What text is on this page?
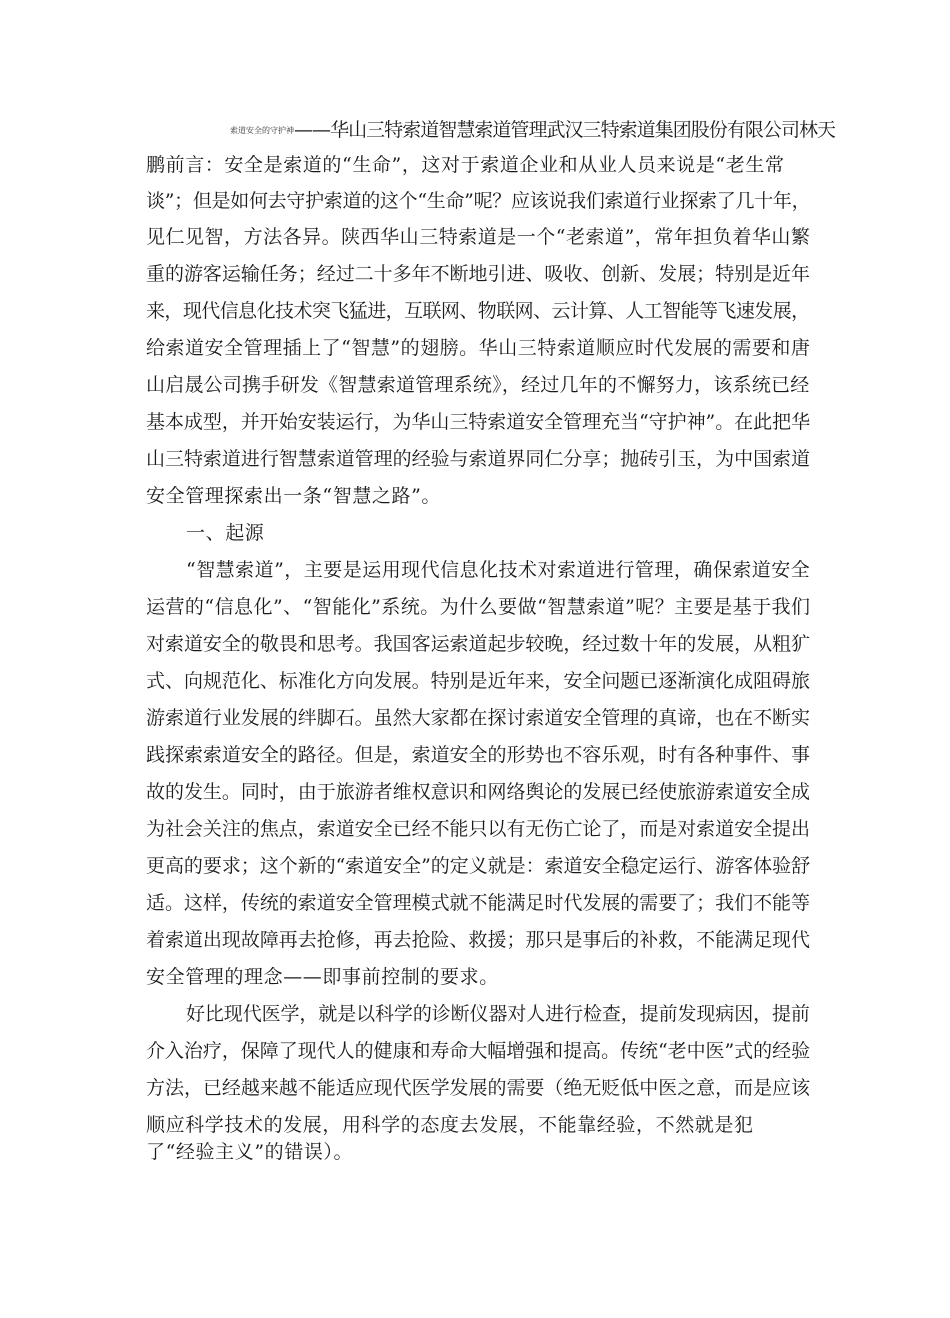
索道安全的守护神——华山三特索道智慧索道管理武汉三特索道集团股份有限公司林天
鹏前言：安全是索道的“生命”，这对于索道企业和从业人员来说是“老生常
谈”；但是如何去守护索道的这个“生命”呢？应该说我们索道行业探索了几十年，
见仁见智，方法各异。陕西华山三特索道是一个“老索道”，常年担负着华山繁
重的游客运输任务；经过二十多年不断地引进、吸收、创新、发展；特别是近年
来，现代信息化技术突飞猛进，互联网、物联网、云计算、人工智能等飞速发展，
给索道安全管理插上了“智慧”的翅膀。华山三特索道顺应时代发展的需要和唐
山启晟公司携手研发《智慧索道管理系统》，经过几年的不懈努力，该系统已经
基本成型，并开始安装运行，为华山三特索道安全管理充当“守护神”。在此把华
山三特索道进行智慧索道管理的经验与索道界同仁分享；抛砖引玉，为中国索道
安全管理探索出一条“智慧之路”。
一、起源
“智慧索道”，主要是运用现代信息化技术对索道进行管理，确保索道安全
运营的“信息化”、“智能化”系统。为什么要做“智慧索道”呢？主要是基于我们
对索道安全的敬畏和思考。我国客运索道起步较晚，经过数十年的发展，从粗犷
式、向规范化、标准化方向发展。特别是近年来，安全问题已逐渐演化成阻碍旅
游索道行业发展的绊脚石。虽然大家都在探讨索道安全管理的真谛，也在不断实
践探索索道安全的路径。但是，索道安全的形势也不容乐观，时有各种事件、事
故的发生。同时，由于旅游者维权意识和网络舆论的发展已经使旅游索道安全成
为社会关注的焦点，索道安全已经不能只以有无伤亡论了，而是对索道安全提出
更高的要求；这个新的“索道安全”的定义就是：索道安全稳定运行、游客体验舒
适。这样，传统的索道安全管理模式就不能满足时代发展的需要了；我们不能等
着索道出现故障再去抢修，再去抢险、救援；那只是事后的补救，不能满足现代
安全管理的理念——即事前控制的要求。
好比现代医学，就是以科学的诊断仪器对人进行检查，提前发现病因，提前
介入治疗，保障了现代人的健康和寿命大幅增强和提高。传统“老中医”式的经验
方法，已经越来越不能适应现代医学发展的需要（绝无贬低中医之意，而是应该
顺应科学技术的发展，用科学的态度去发展，不能靠经验，不然就是犯
了“经验主义”的错误）。
